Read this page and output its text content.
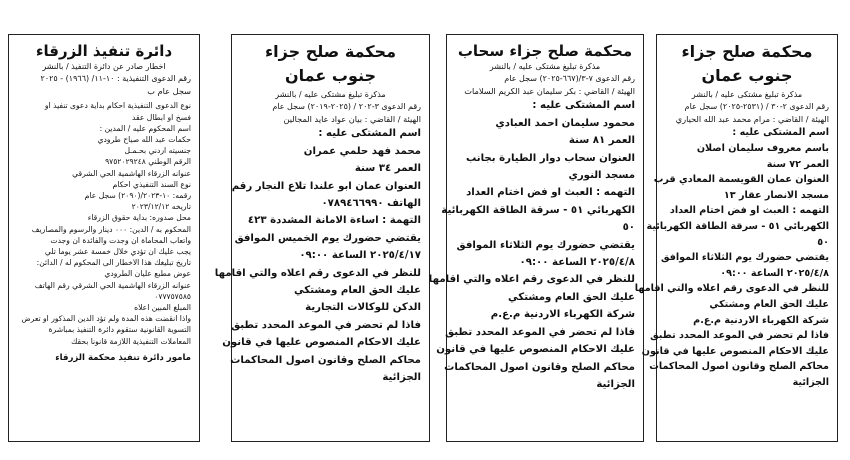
دائرة تنفيذ الزرقاء
اخطار صادر عن دائرة التنفيذ / بالنشر
رقم الدعوى التنفيذية : ١٠-١١/ (١٩٦٦) - ٢٠٢٥
سجل عام ب
نوع الدعوى التنفيذية احكام بداية دعوى تنفيذ او
فسخ او ابطال عقد
اسم المحكوم عليه / المدين :
حكمات عبد الله صياح طرودي
جنسيته اردني بحـمـل
الرقم الوطني ٩٧٥٢٠٢٩٢٤٨
عنوانه الزرقاء الهاشمية الحي الشرقي
نوع السند التنفيذي احكام
رقمه: ١٠-٢٠٢٣/(٢٠٩٠) سجل عام
تاريخه ٢٠٢٣/١٢/١٢
محل صدوره: بداية حقوق الزرقاء
المحكوم به / الدين: ٠٠٠ دينار والرسوم والمصاريف
واتعاب المحاماة ان وجدت والفائدة ان وجدت
يجب عليك ان تؤدي خلال خمسة عشر يوما تلي
تاريخ تبليغك هذا الاخطار الى المحكوم له / الدائن:
عوض مطبع عليان الطرودي
عنوانه الزرقاء الهاشمية الحي الشرقي رقم الهاتف
٠٧٧٧٥٧٥٨٥
المبلغ المبين اعلاه
واذا انقضت هذه المدة ولم تؤد الدين المذكور او تعرض
التسوية القانونية ستقوم دائرة التنفيذ بمباشرة
المعاملات التنفيذية اللازمة قانونا بحقك
مامور دائرة تنفيذ محكمة الزرقاء
محكمة صلح جزاء
جنوب عمان
مذكرة تبليغ مشتكى عليه / بالنشر
رقم الدعوى ٣-٢٠٢ / (٢٠٢٥-٢٠١٩) سجل عام
الهيئة / القاضي : بيان عواد عايد المجالين
اسم المشتكى عليه :
محمد فهد حلمي عمران
العمر ٣٤ سنة
العنوان عمان ابو علندا تلاع النجار رقم
الهاتف ٠٧٨٩٤٦٦٩٩٠
التهمة : اساءة الامانة المشددة ٤٢٣
يقتضي حضورك يوم الخميس الموافق
٢٠٢٥/٤/١٧ الساعة ٠٩:٠٠
للنظر في الدعوى رقم اعلاه والتي اقامها
عليك الحق العام ومشتكي
الدكن للوكالات التجارية
فاذا لم تحضر في الموعد المحدد تطبق
عليك الاحكام المنصوص عليها في قانون
محاكم الصلح وقانون اصول المحاكمات
الجزائية
محكمة صلح جزاء سحاب
مذكرة تبليغ مشتكى عليه / بالنشر
رقم الدعوى ٧-٣/(٦٦٧-٢٠٢٥) سجل عام
الهيئة / القاضي : بكر سليمان عبد الكريم السلامات
اسم المشتكى عليه :
محمود سليمان احمد العبادي
العمر ٨١ سنة
العنوان سحاب دوار الطيارة بجانب
مسجد النوري
التهمه : العبث او فض اختام العداد
الكهربائي ٥١ - سرقة الطاقة الكهربائية
٥٠
يقتضي حضورك يوم الثلاثاء الموافق
٢٠٢٥/٤/٨ الساعة ٠٩:٠٠
للنظر في الدعوى رقم اعلاه والتي اقامها
عليك الحق العام ومشتكي
شركة الكهرباء الاردنية م.ع.م
فاذا لم تحضر في الموعد المحدد تطبق
عليك الاحكام المنصوص عليها في قانون
محاكم الصلح وقانون اصول المحاكمات
الجزائية
محكمة صلح جزاء
جنوب عمان
مذكرة تبليغ مشتكى عليه / بالنشر
رقم الدعوى ٢-٣٠ / (٢٥٣١-٢٠٢٥) سجل عام
الهيئة / القاضي : مرام محمد عبد الله الحياري
اسم المشتكى عليه :
باسم معروف سليمان اصلان
العمر ٧٢ سنة
العنوان عمان القويسمة المعادي قرب
مسجد الانصار عقار ١٣
التهمه : العبث او فض اختام العداد
الكهربائي ٥١ - سرقة الطاقة الكهربائية
٥٠
يقتضي حضورك يوم الثلاثاء الموافق
٢٠٢٥/٤/٨ الساعة ٠٩:٠٠
للنظر في الدعوى رقم اعلاه والتي اقامها
عليك الحق العام ومشتكي
شركة الكهرباء الاردنية م.ع.م
فاذا لم تحضر في الموعد المحدد تطبق
عليك الاحكام المنصوص عليها في قانون
محاكم الصلح وقانون اصول المحاكمات
الجزائية
